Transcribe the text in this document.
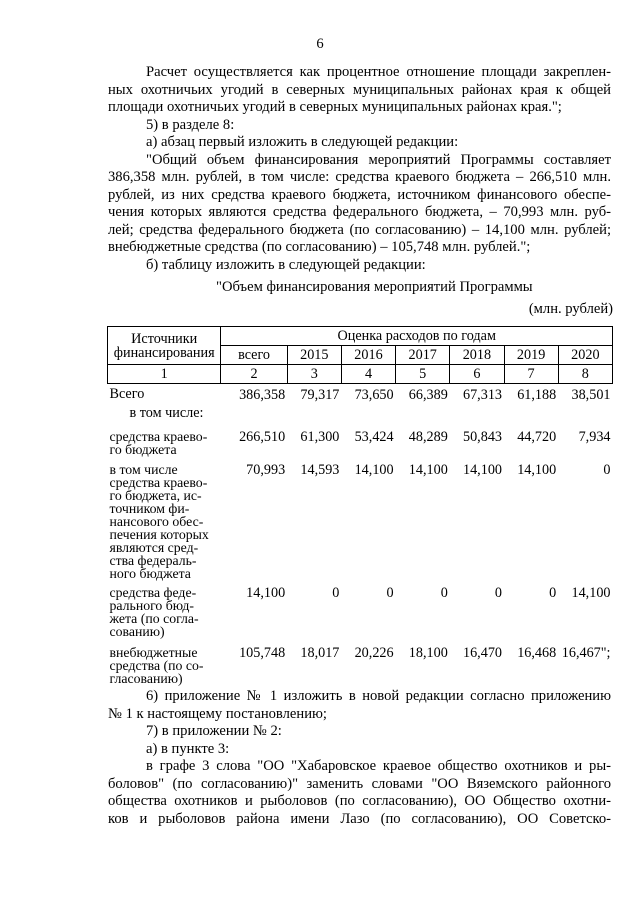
6
Расчет осуществляется как процентное отношение площади закреплен-
ных охотничьих угодий в северных муниципальных районах края к общей
площади охотничьих угодий в северных муниципальных районах края.";
5) в разделе 8:
а) абзац первый изложить в следующей редакции:
"Общий объем финансирования мероприятий Программы составляет
386,358 млн. рублей, в том числе: средства краевого бюджета – 266,510 млн.
рублей, из них средства краевого бюджета, источником финансового обеспе-
чения которых являются средства федерального бюджета, – 70,993 млн. руб-
лей; средства федерального бюджета (по согласованию) – 14,100 млн. рублей;
внебюджетные средства (по согласованию) – 105,748 млн. рублей.";
б) таблицу изложить в следующей редакции:
"Объем финансирования мероприятий Программы
(млн. рублей)
Источники финансирования	Оценка расходов по годам						
	всего	2015	2016	2017	2018	2019	2020
1	2	3	4	5	6	7	8
Всего	386,358	79,317	73,650	66,389	67,313	61,188	38,501
в том числе:							
средства краево-го бюджета	266,510	61,300	53,424	48,289	50,843	44,720	7,934
в том числе средства краево-го бюджета, ис-точником фи-нансового обес-печения которых являются сред-ства федераль-ного бюджета	70,993	14,593	14,100	14,100	14,100	14,100	0
средства феде-рального бюд-жета (по согла-сованию)	14,100	0	0	0	0	0	14,100
внебюджетные средства (по со-гласованию)	105,748	18,017	20,226	18,100	16,470	16,468	16,467";
6) приложение № 1 изложить в новой редакции согласно приложению
№ 1 к настоящему постановлению;
7) в приложении № 2:
а) в пункте 3:
в графе 3 слова "ОО "Хабаровское краевое общество охотников и ры-
боловов" (по согласованию)" заменить словами "ОО Вяземского районного
общества охотников и рыболовов (по согласованию), ОО Общество охотни-
ков и рыболовов района имени Лазо (по согласованию), ОО Советско-
